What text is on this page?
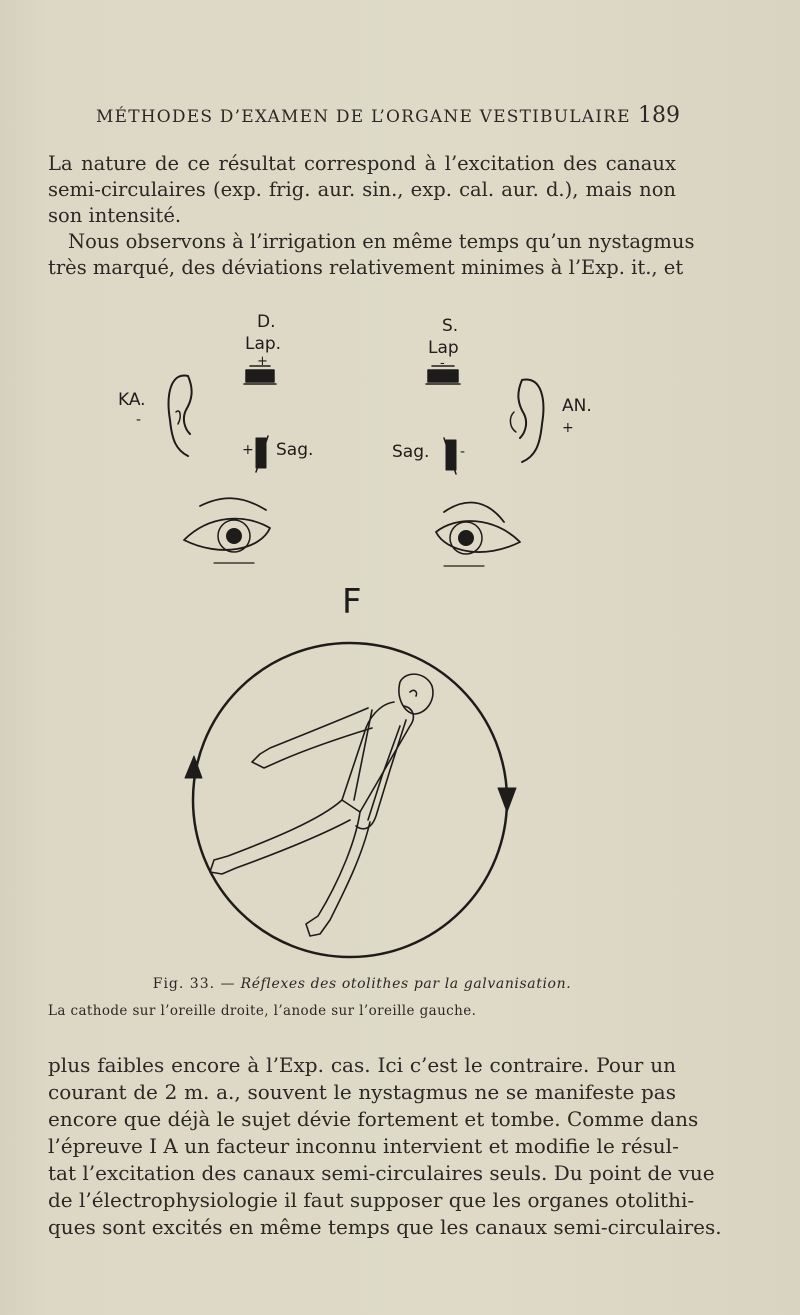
MÉTHODES D’EXAMEN DE L’ORGANE VESTIBULAIRE 189

La nature de ce résultat correspond à l’excitation des canaux
semi-circulaires (exp. frig. aur. sin., exp. cal. aur. d.), mais non
son intensité.
Nous observons à l’irrigation en même temps qu’un nystagmus
très marqué, des déviations relativement minimes à l’Exp. it., et

D.
Lap.
+
S.
Lap
-
KA.
-
AN.
+
+ Sag.	Sag. -
F
Fig. 33. — Réflexes des otolithes par la galvanisation.
La cathode sur l’oreille droite, l’anode sur l’oreille gauche.

plus faibles encore à l’Exp. cas. Ici c’est le contraire. Pour un
courant de 2 m. a., souvent le nystagmus ne se manifeste pas
encore que déjà le sujet dévie fortement et tombe. Comme dans
l’épreuve I A un facteur inconnu intervient et modifie le résul-
tat l’excitation des canaux semi-circulaires seuls. Du point de vue
de l’électrophysiologie il faut supposer que les organes otolithi-
ques sont excités en même temps que les canaux semi-circulaires.
